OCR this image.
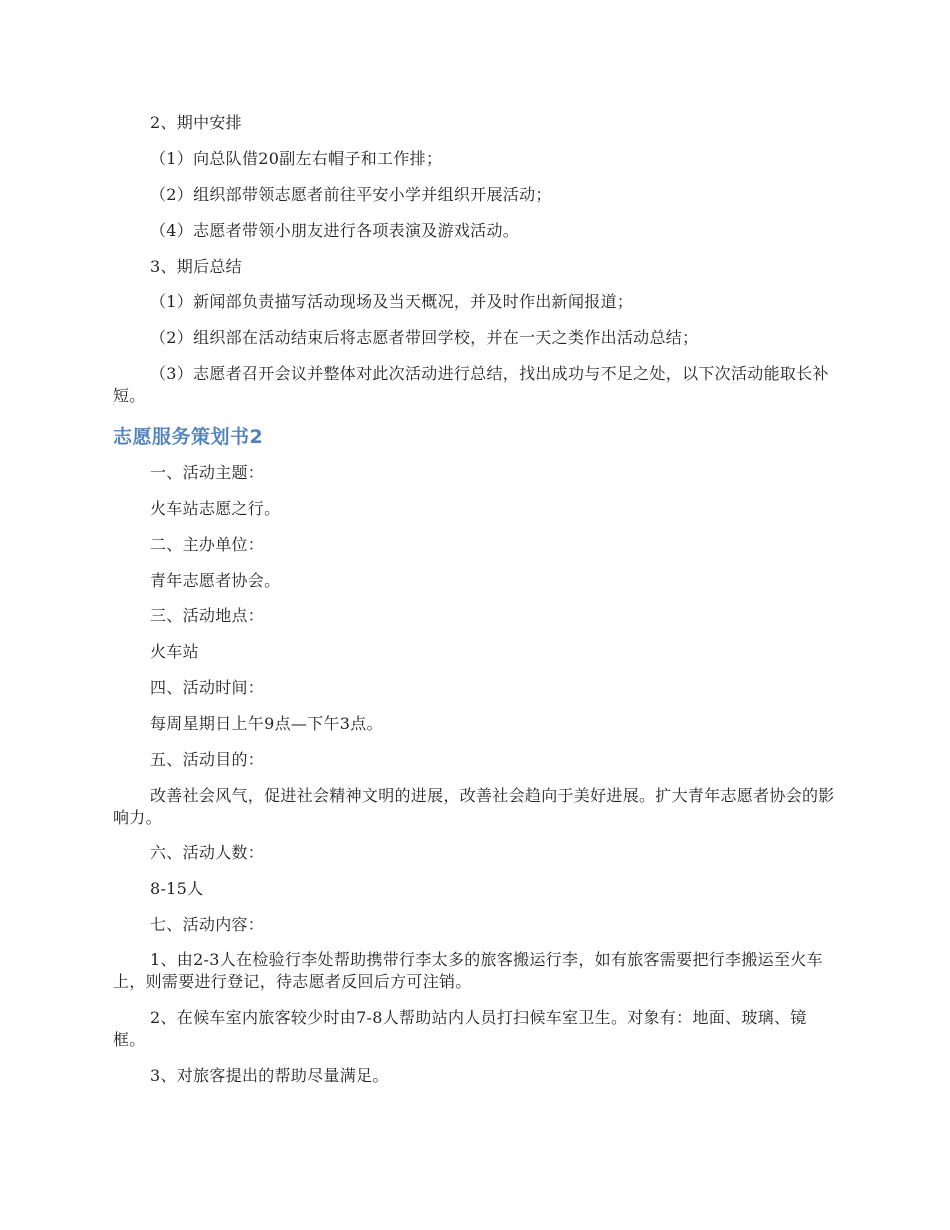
2、期中安排

（1）向总队借20副左右帽子和工作排；

（2）组织部带领志愿者前往平安小学并组织开展活动；

（4）志愿者带领小朋友进行各项表演及游戏活动。

3、期后总结

（1）新闻部负责描写活动现场及当天概况，并及时作出新闻报道；

（2）组织部在活动结束后将志愿者带回学校，并在一天之类作出活动总结；

（3）志愿者召开会议并整体对此次活动进行总结，找出成功与不足之处，以下次活动能取长补短。

志愿服务策划书2

一、活动主题：

火车站志愿之行。

二、主办单位：

青年志愿者协会。

三、活动地点：

火车站

四、活动时间：

每周星期日上午9点—下午3点。

五、活动目的：

改善社会风气，促进社会精神文明的进展，改善社会趋向于美好进展。扩大青年志愿者协会的影响力。

六、活动人数：

8-15人

七、活动内容：

1、由2-3人在检验行李处帮助携带行李太多的旅客搬运行李，如有旅客需要把行李搬运至火车上，则需要进行登记，待志愿者反回后方可注销。

2、在候车室内旅客较少时由7-8人帮助站内人员打扫候车室卫生。对象有：地面、玻璃、镜框。

3、对旅客提出的帮助尽量满足。
